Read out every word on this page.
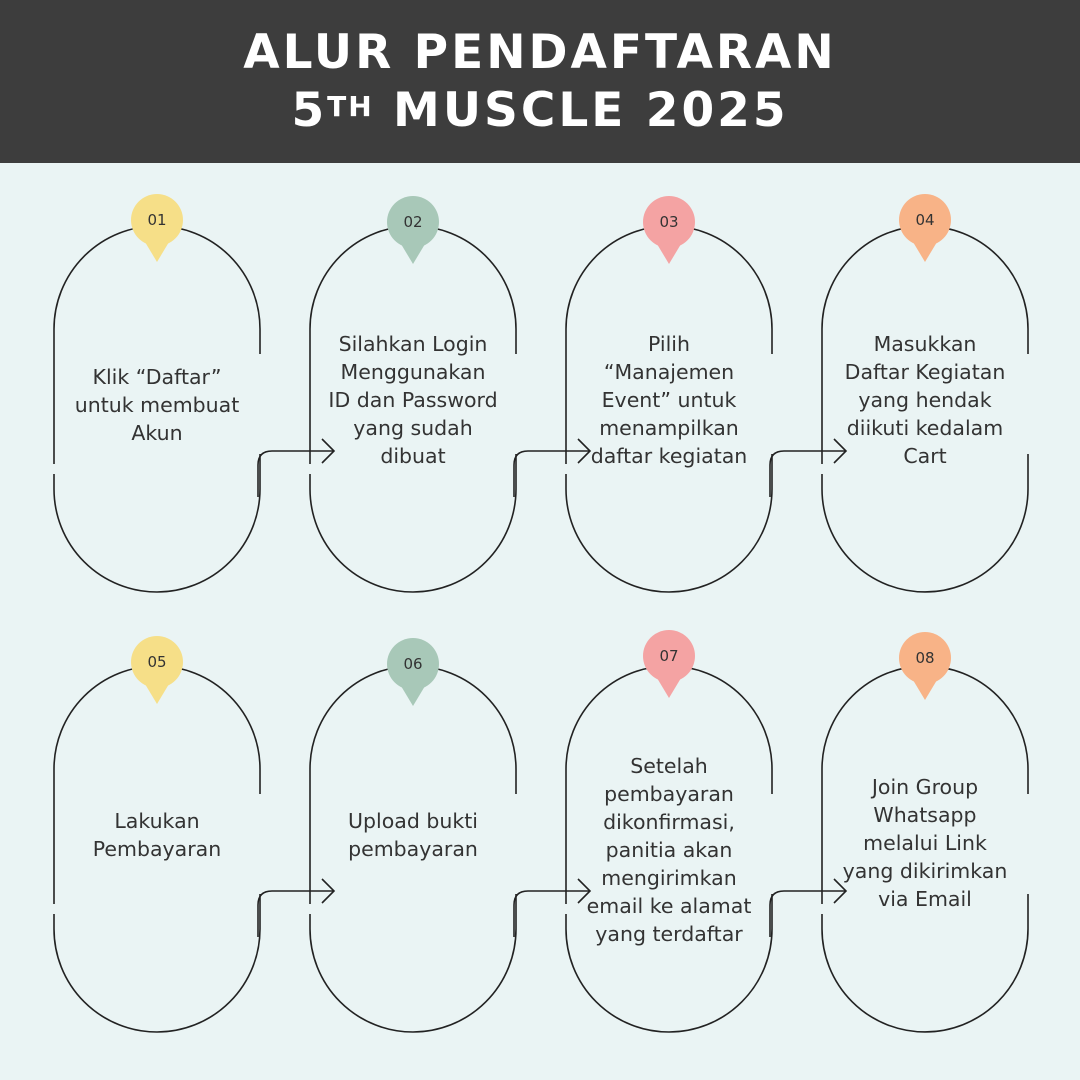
ALUR PENDAFTARAN
5TH MUSCLE 2025
01	02	03	04
05	06	07	08
Klik “Daftar” untuk membuat Akun
Silahkan Login Menggunakan ID dan Password yang sudah dibuat
Pilih “Manajemen Event” untuk menampilkan daftar kegiatan
Masukkan Daftar Kegiatan yang hendak diikuti kedalam Cart
Lakukan Pembayaran
Upload bukti pembayaran
Setelah pembayaran dikonfirmasi, panitia akan mengirimkan email ke alamat yang terdaftar
Join Group Whatsapp melalui Link yang dikirimkan via Email
